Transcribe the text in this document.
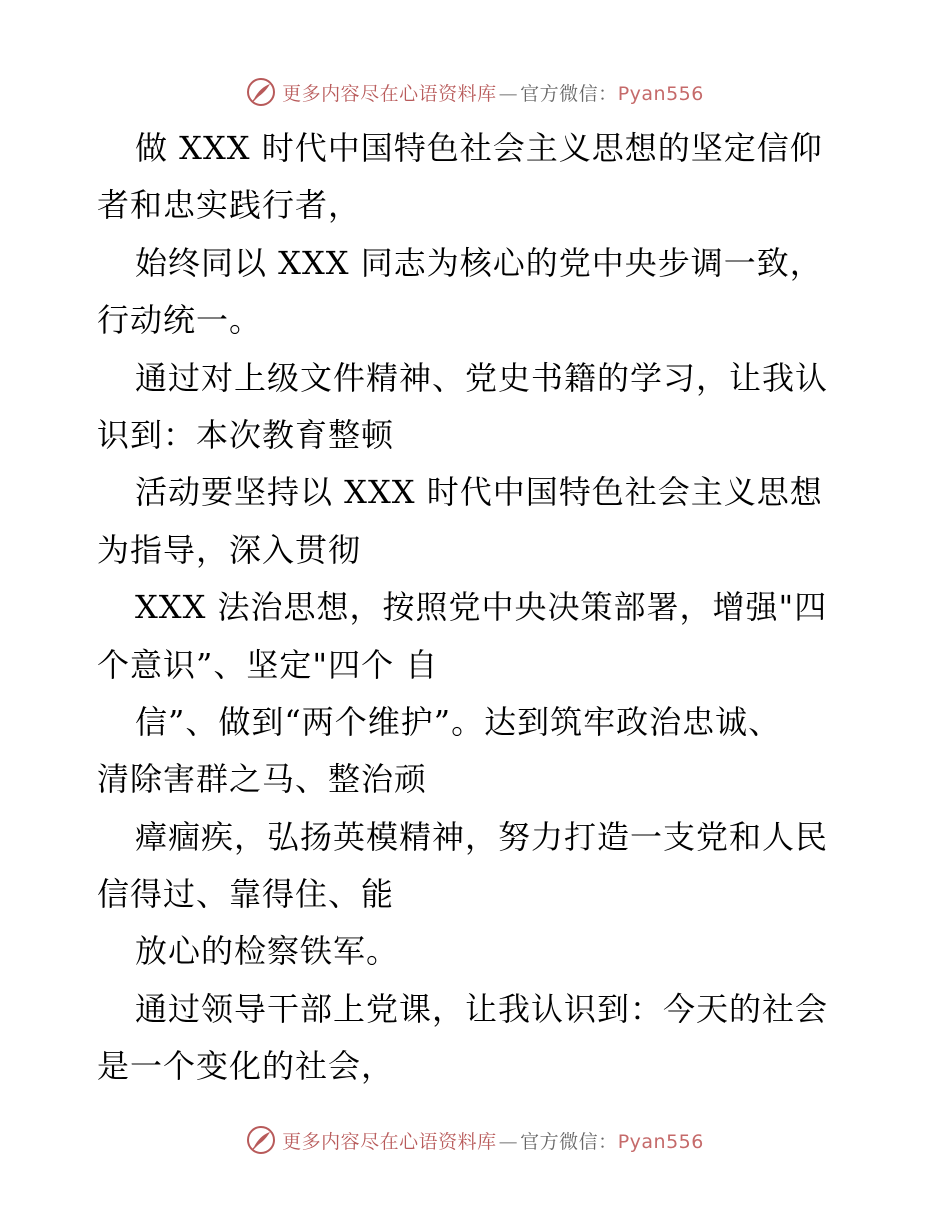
更多内容尽在心语资料库 — 官方微信：Pyan556
做 XXX 时代中国特色社会主义思想的坚定信仰
者和忠实践行者，
始终同以 XXX 同志为核心的党中央步调一致，
行动统一。
通过对上级文件精神、党史书籍的学习，让我认
识到：本次教育整顿
活动要坚持以 XXX 时代中国特色社会主义思想
为指导，深入贯彻
XXX 法治思想，按照党中央决策部署，增强"四
个意识”、坚定"四个 自
信”、做到“两个维护”。达到筑牢政治忠诚、
清除害群之马、整治顽
瘴痼疾，弘扬英模精神，努力打造一支党和人民
信得过、靠得住、能
放心的检察铁军。
通过领导干部上党课，让我认识到：今天的社会
是一个变化的社会，
更多内容尽在心语资料库 — 官方微信：Pyan556
